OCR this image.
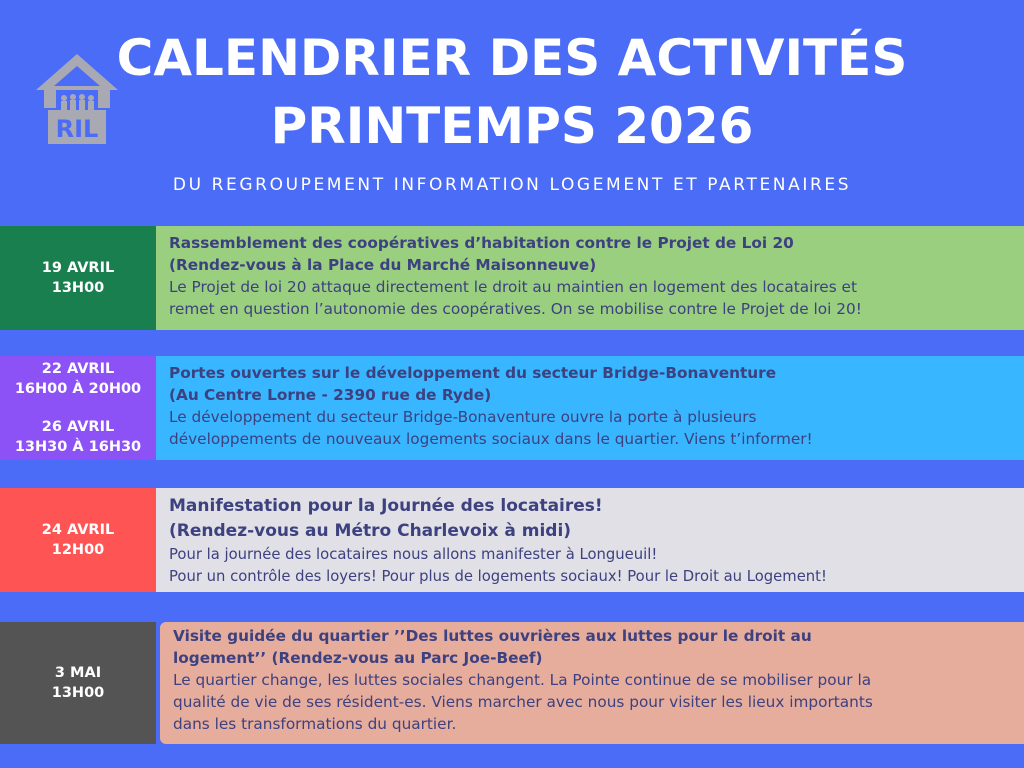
RIL
CALENDRIER DES ACTIVITÉS
PRINTEMPS 2026
DU REGROUPEMENT INFORMATION LOGEMENT ET PARTENAIRES
19 AVRIL
13H00
Rassemblement des coopératives d’habitation contre le Projet de Loi 20
(Rendez-vous à la Place du Marché Maisonneuve)
Le Projet de loi 20 attaque directement le droit au maintien en logement des locataires et
remet en question l’autonomie des coopératives. On se mobilise contre le Projet de loi 20!
22 AVRIL
16H00 À 20H00
26 AVRIL
13H30 À 16H30
Portes ouvertes sur le développement du secteur Bridge-Bonaventure
(Au Centre Lorne - 2390 rue de Ryde)
Le développement du secteur Bridge-Bonaventure ouvre la porte à plusieurs
développements de nouveaux logements sociaux dans le quartier. Viens t’informer!
24 AVRIL
12H00
Manifestation pour la Journée des locataires!
(Rendez-vous au Métro Charlevoix à midi)
Pour la journée des locataires nous allons manifester à Longueuil!
Pour un contrôle des loyers! Pour plus de logements sociaux! Pour le Droit au Logement!
3 MAI
13H00
Visite guidée du quartier ’’Des luttes ouvrières aux luttes pour le droit au
logement’’ (Rendez-vous au Parc Joe-Beef)
Le quartier change, les luttes sociales changent. La Pointe continue de se mobiliser pour la
qualité de vie de ses résident-es. Viens marcher avec nous pour visiter les lieux importants
dans les transformations du quartier.
